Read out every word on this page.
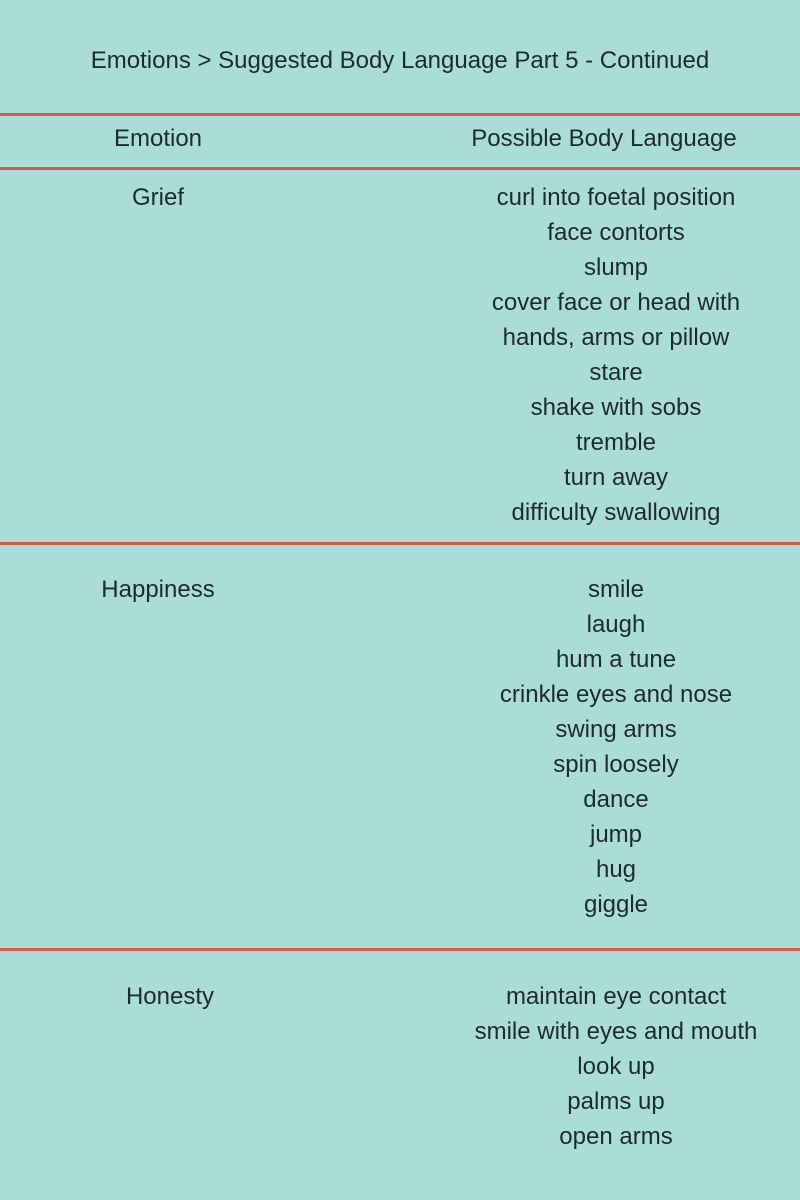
Emotions > Suggested Body Language Part 5 - Continued
Emotion	Possible Body Language
Grief	curl into foetal position
face contorts
slump
cover face or head with
hands, arms or pillow
stare
shake with sobs
tremble
turn away
difficulty swallowing
Happiness	smile
laugh
hum a tune
crinkle eyes and nose
swing arms
spin loosely
dance
jump
hug
giggle
Honesty	maintain eye contact
smile with eyes and mouth
look up
palms up
open arms
